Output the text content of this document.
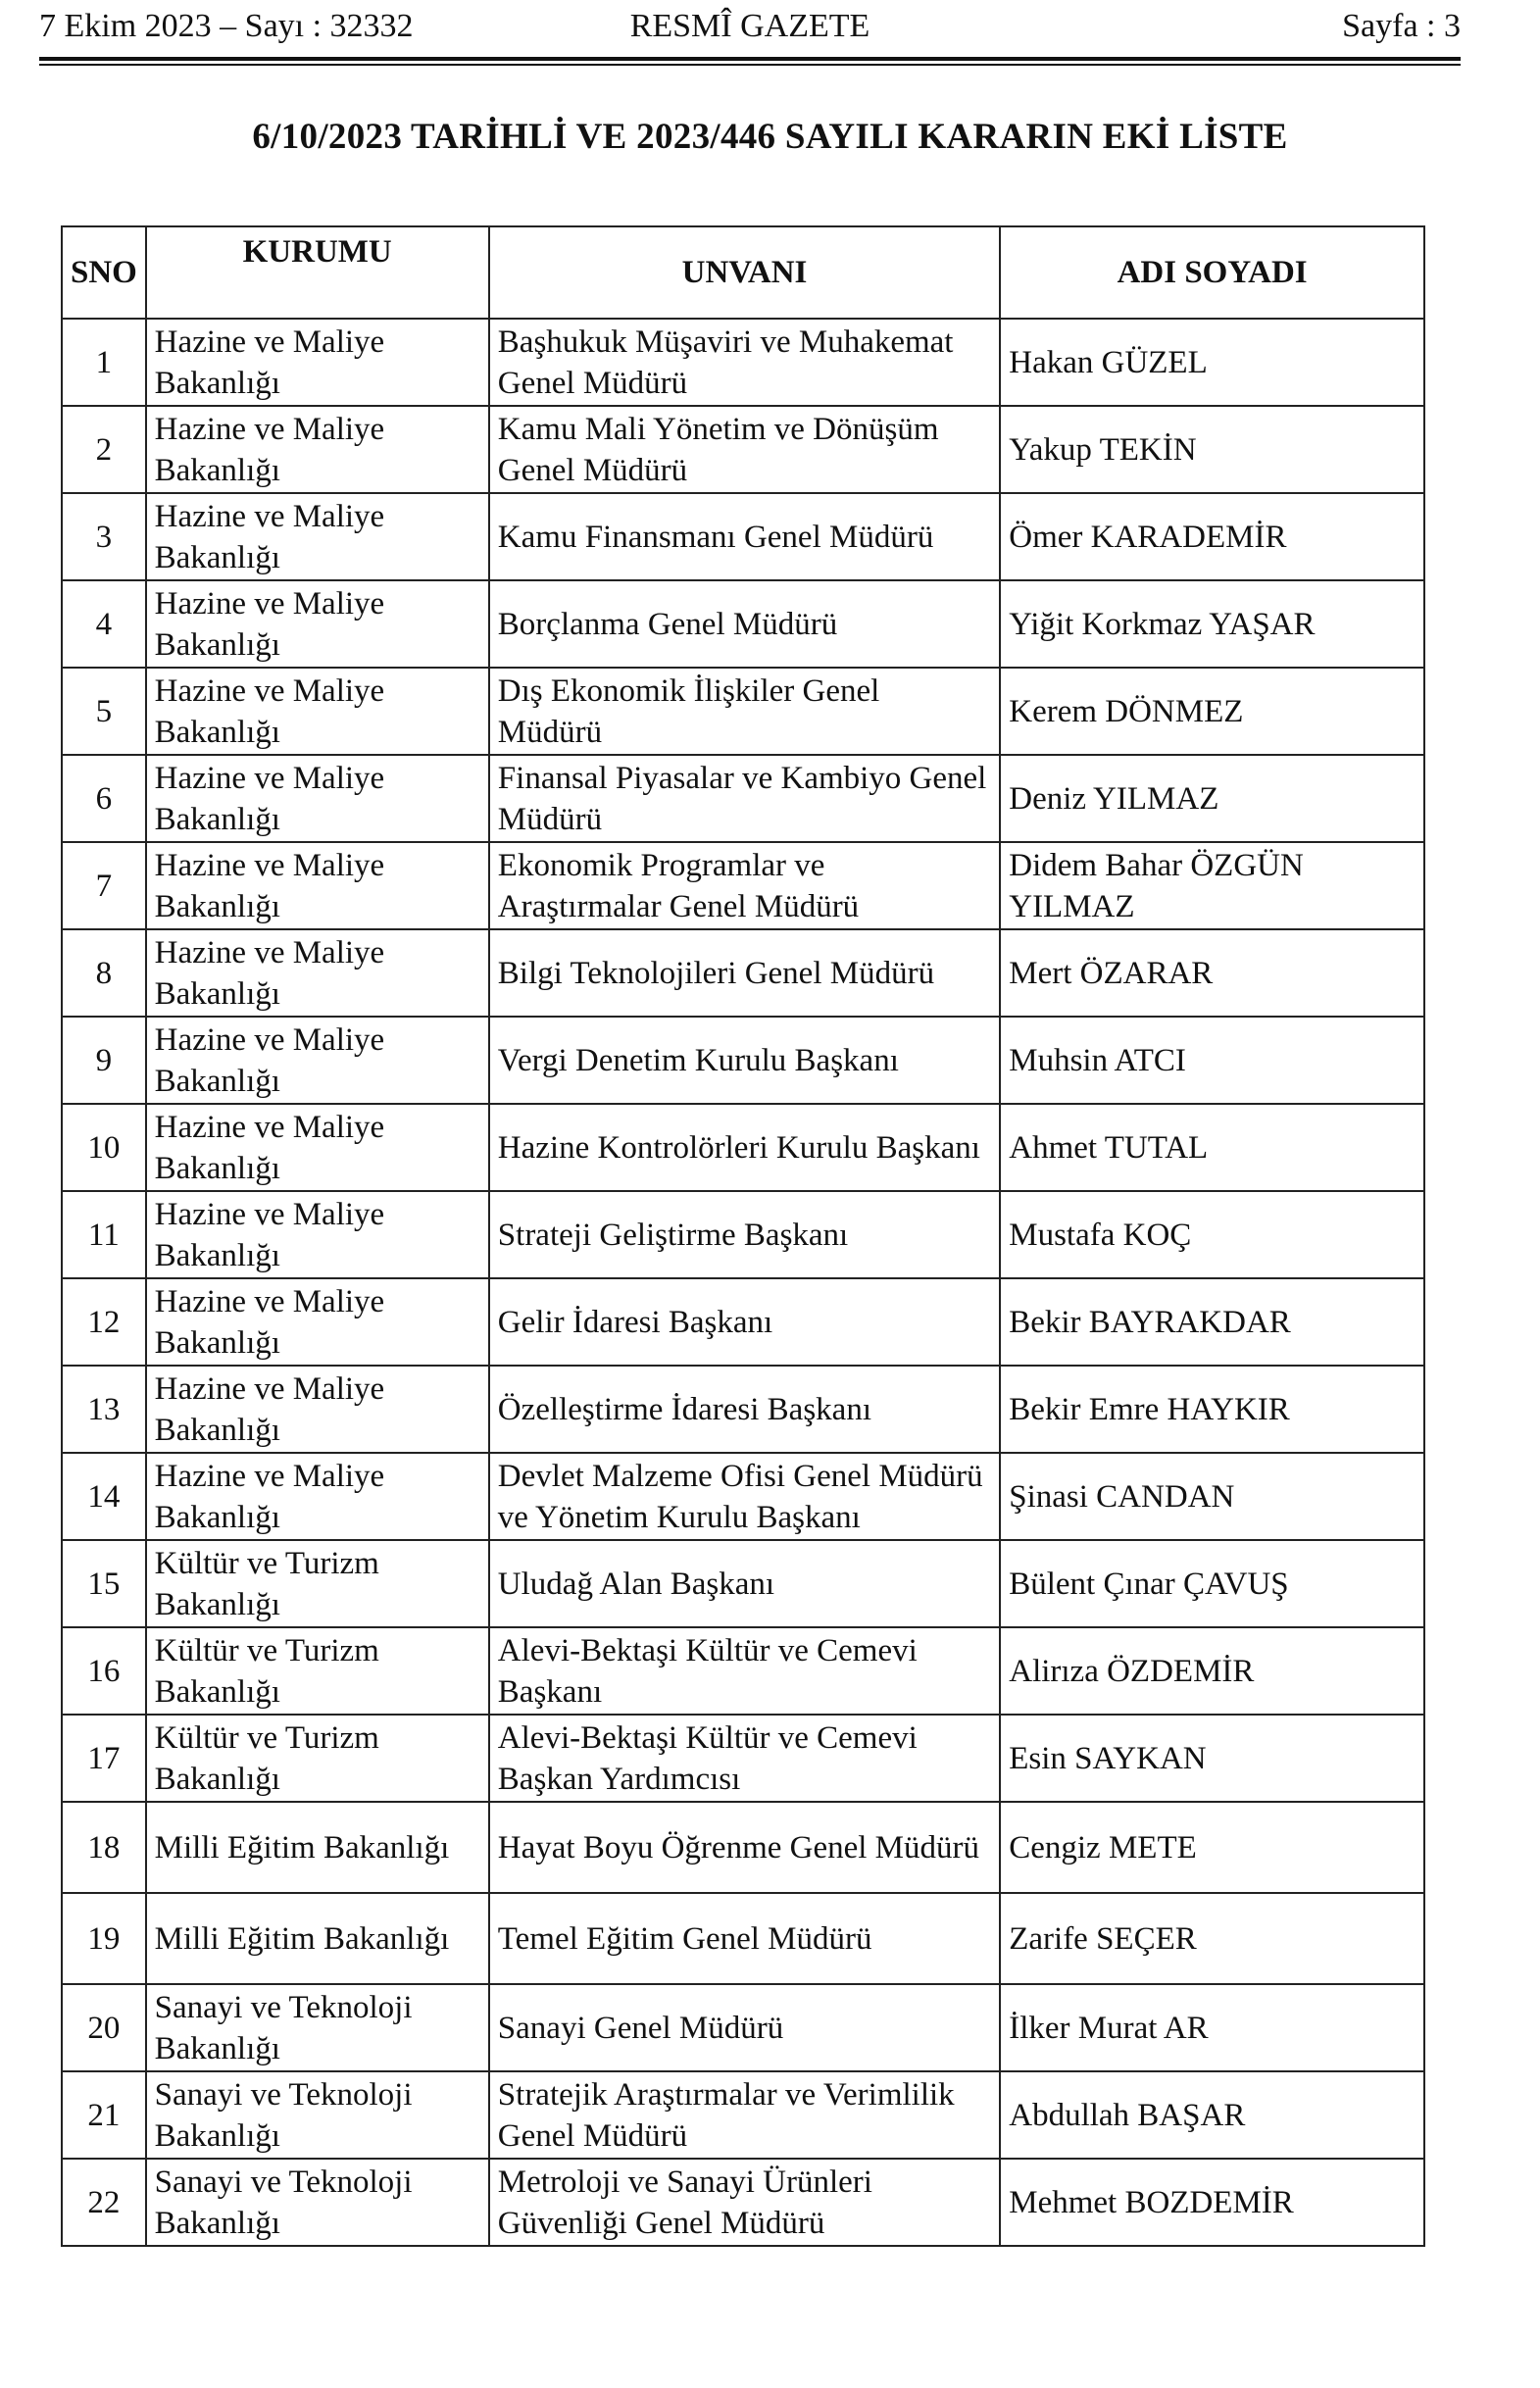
7 Ekim 2023 – Sayı : 32332	RESMÎ GAZETE	Sayfa : 3
6/10/2023 TARİHLİ VE 2023/446 SAYILI KARARIN EKİ LİSTE
SNO	KURUMU	UNVANI	ADI SOYADI
1	Hazine ve Maliye Bakanlığı	Başhukuk Müşaviri ve Muhakemat Genel Müdürü	Hakan GÜZEL
2	Hazine ve Maliye Bakanlığı	Kamu Mali Yönetim ve Dönüşüm Genel Müdürü	Yakup TEKİN
3	Hazine ve Maliye Bakanlığı	Kamu Finansmanı Genel Müdürü	Ömer KARADEMİR
4	Hazine ve Maliye Bakanlığı	Borçlanma Genel Müdürü	Yiğit Korkmaz YAŞAR
5	Hazine ve Maliye Bakanlığı	Dış Ekonomik İlişkiler Genel Müdürü	Kerem DÖNMEZ
6	Hazine ve Maliye Bakanlığı	Finansal Piyasalar ve Kambiyo Genel Müdürü	Deniz YILMAZ
7	Hazine ve Maliye Bakanlığı	Ekonomik Programlar ve Araştırmalar Genel Müdürü	Didem Bahar ÖZGÜN YILMAZ
8	Hazine ve Maliye Bakanlığı	Bilgi Teknolojileri Genel Müdürü	Mert ÖZARAR
9	Hazine ve Maliye Bakanlığı	Vergi Denetim Kurulu Başkanı	Muhsin ATCI
10	Hazine ve Maliye Bakanlığı	Hazine Kontrolörleri Kurulu Başkanı	Ahmet TUTAL
11	Hazine ve Maliye Bakanlığı	Strateji Geliştirme Başkanı	Mustafa KOÇ
12	Hazine ve Maliye Bakanlığı	Gelir İdaresi Başkanı	Bekir BAYRAKDAR
13	Hazine ve Maliye Bakanlığı	Özelleştirme İdaresi Başkanı	Bekir Emre HAYKIR
14	Hazine ve Maliye Bakanlığı	Devlet Malzeme Ofisi Genel Müdürü ve Yönetim Kurulu Başkanı	Şinasi CANDAN
15	Kültür ve Turizm Bakanlığı	Uludağ Alan Başkanı	Bülent Çınar ÇAVUŞ
16	Kültür ve Turizm Bakanlığı	Alevi-Bektaşi Kültür ve Cemevi Başkanı	Alirıza ÖZDEMİR
17	Kültür ve Turizm Bakanlığı	Alevi-Bektaşi Kültür ve Cemevi Başkan Yardımcısı	Esin SAYKAN
18	Milli Eğitim Bakanlığı	Hayat Boyu Öğrenme Genel Müdürü	Cengiz METE
19	Milli Eğitim Bakanlığı	Temel Eğitim Genel Müdürü	Zarife SEÇER
20	Sanayi ve Teknoloji Bakanlığı	Sanayi Genel Müdürü	İlker Murat AR
21	Sanayi ve Teknoloji Bakanlığı	Stratejik Araştırmalar ve Verimlilik Genel Müdürü	Abdullah BAŞAR
22	Sanayi ve Teknoloji Bakanlığı	Metroloji ve Sanayi Ürünleri Güvenliği Genel Müdürü	Mehmet BOZDEMİR
